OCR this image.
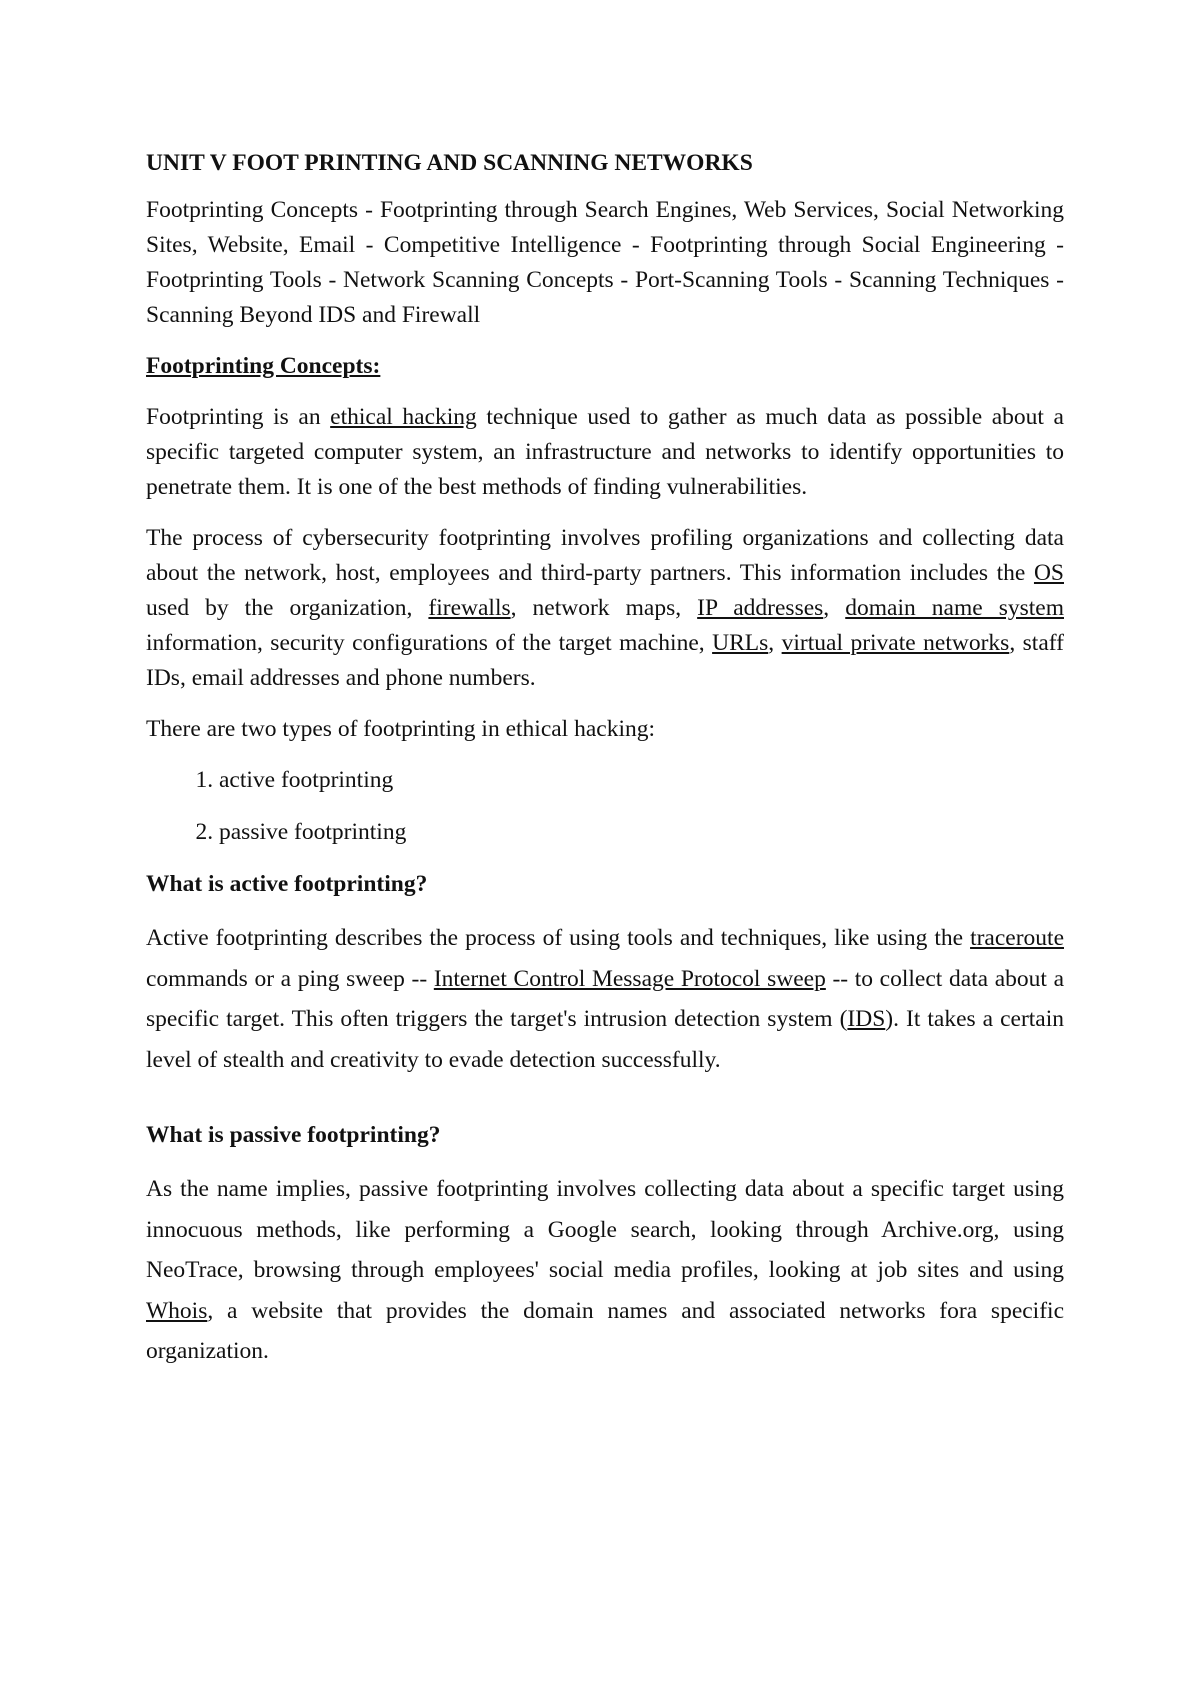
UNIT V FOOT PRINTING AND SCANNING NETWORKS

Footprinting Concepts - Footprinting through Search Engines, Web Services, Social Networking Sites, Website, Email - Competitive Intelligence - Footprinting through Social Engineering - Footprinting Tools - Network Scanning Concepts - Port-Scanning Tools - Scanning Techniques - Scanning Beyond IDS and Firewall

Footprinting Concepts:

Footprinting is an ethical hacking technique used to gather as much data as possible about a specific targeted computer system, an infrastructure and networks to identify opportunities to penetrate them. It is one of the best methods of finding vulnerabilities.

The process of cybersecurity footprinting involves profiling organizations and collecting data about the network, host, employees and third-party partners. This information includes the OS used by the organization, firewalls, network maps, IP addresses, domain name system information, security configurations of the target machine, URLs, virtual private networks, staff IDs, email addresses and phone numbers.

There are two types of footprinting in ethical hacking:

1. active footprinting
2. passive footprinting
What is active footprinting?

Active footprinting describes the process of using tools and techniques, like using the traceroute commands or a ping sweep -- Internet Control Message Protocol sweep -- to collect data about a specific target. This often triggers the target's intrusion detection system (IDS). It takes a certain level of stealth and creativity to evade detection successfully.

What is passive footprinting?

As the name implies, passive footprinting involves collecting data about a specific target using innocuous methods, like performing a Google search, looking through Archive.org, using NeoTrace, browsing through employees' social media profiles, looking at job sites and using Whois, a website that provides the domain names and associated networks fora specific organization.
